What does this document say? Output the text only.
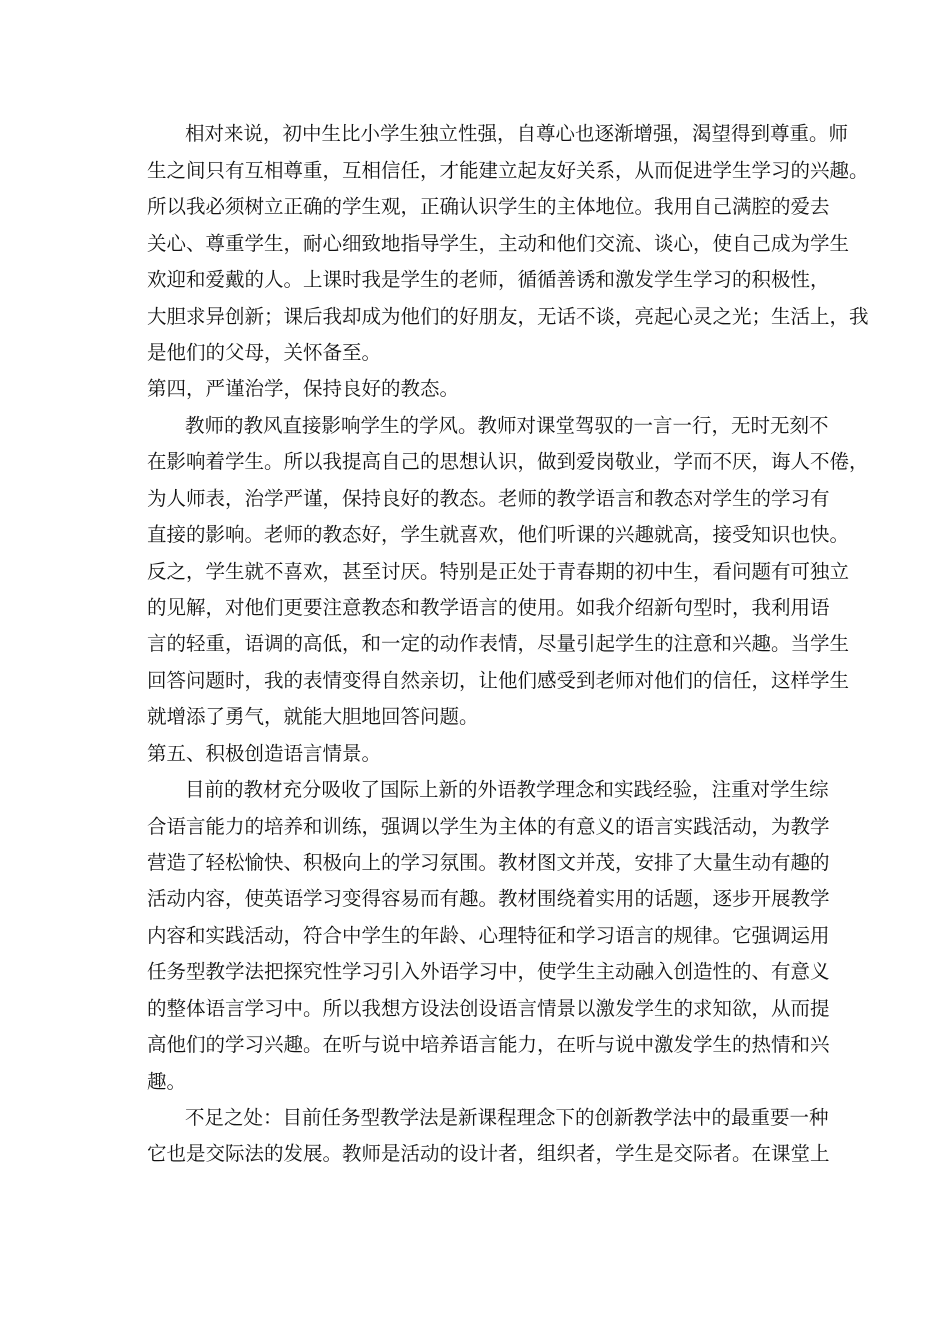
相对来说，初中生比小学生独立性强，自尊心也逐渐增强，渴望得到尊重。师
生之间只有互相尊重，互相信任，才能建立起友好关系，从而促进学生学习的兴趣。
所以我必须树立正确的学生观，正确认识学生的主体地位。我用自己满腔的爱去
关心、尊重学生，耐心细致地指导学生，主动和他们交流、谈心，使自己成为学生
欢迎和爱戴的人。上课时我是学生的老师，循循善诱和激发学生学习的积极性，
大胆求异创新；课后我却成为他们的好朋友，无话不谈，亮起心灵之光；生活上，我
是他们的父母，关怀备至。
第四，严谨治学，保持良好的教态。
教师的教风直接影响学生的学风。教师对课堂驾驭的一言一行，无时无刻不
在影响着学生。所以我提高自己的思想认识，做到爱岗敬业，学而不厌，诲人不倦，
为人师表，治学严谨，保持良好的教态。老师的教学语言和教态对学生的学习有
直接的影响。老师的教态好，学生就喜欢，他们听课的兴趣就高，接受知识也快。
反之，学生就不喜欢，甚至讨厌。特别是正处于青春期的初中生，看问题有可独立
的见解，对他们更要注意教态和教学语言的使用。如我介绍新句型时，我利用语
言的轻重，语调的高低，和一定的动作表情，尽量引起学生的注意和兴趣。当学生
回答问题时，我的表情变得自然亲切，让他们感受到老师对他们的信任，这样学生
就增添了勇气，就能大胆地回答问题。
第五、积极创造语言情景。
目前的教材充分吸收了国际上新的外语教学理念和实践经验，注重对学生综
合语言能力的培养和训练，强调以学生为主体的有意义的语言实践活动，为教学
营造了轻松愉快、积极向上的学习氛围。教材图文并茂，安排了大量生动有趣的
活动内容，使英语学习变得容易而有趣。教材围绕着实用的话题，逐步开展教学
内容和实践活动，符合中学生的年龄、心理特征和学习语言的规律。它强调运用
任务型教学法把探究性学习引入外语学习中，使学生主动融入创造性的、有意义
的整体语言学习中。所以我想方设法创设语言情景以激发学生的求知欲，从而提
高他们的学习兴趣。在听与说中培养语言能力，在听与说中激发学生的热情和兴
趣。
不足之处：目前任务型教学法是新课程理念下的创新教学法中的最重要一种
它也是交际法的发展。教师是活动的设计者，组织者，学生是交际者。在课堂上
